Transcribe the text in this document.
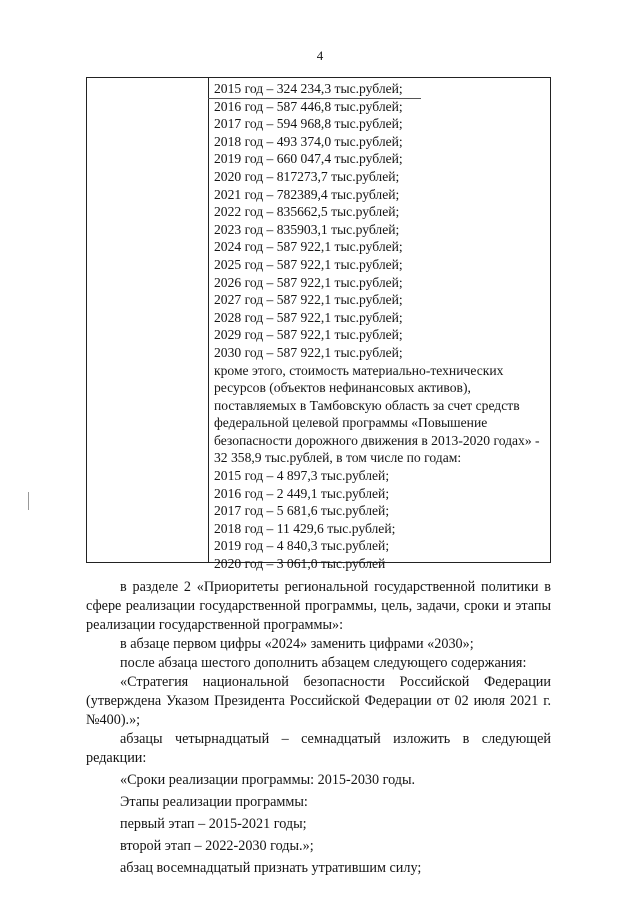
4
2015 год – 324 234,3 тыс.рублей;
2016 год – 587 446,8 тыс.рублей;
2017 год – 594 968,8 тыс.рублей;
2018 год – 493 374,0 тыс.рублей;
2019 год – 660 047,4 тыс.рублей;
2020 год – 817273,7 тыс.рублей;
2021 год – 782389,4 тыс.рублей;
2022 год – 835662,5 тыс.рублей;
2023 год – 835903,1 тыс.рублей;
2024 год – 587 922,1 тыс.рублей;
2025 год – 587 922,1 тыс.рублей;
2026 год – 587 922,1 тыс.рублей;
2027 год – 587 922,1 тыс.рублей;
2028 год – 587 922,1 тыс.рублей;
2029 год – 587 922,1 тыс.рублей;
2030 год – 587 922,1 тыс.рублей;
кроме этого, стоимость материально-технических
ресурсов (объектов нефинансовых активов),
поставляемых в Тамбовскую область за счет средств
федеральной целевой программы «Повышение
безопасности дорожного движения в 2013-2020 годах» -
32 358,9 тыс.рублей, в том числе по годам:
2015 год – 4 897,3 тыс.рублей;
2016 год – 2 449,1 тыс.рублей;
2017 год – 5 681,6 тыс.рублей;
2018 год – 11 429,6 тыс.рублей;
2019 год – 4 840,3 тыс.рублей;
2020 год – 3 061,0 тыс.рублей

в разделе 2 «Приоритеты региональной государственной политики в сфере реализации государственной программы, цель, задачи, сроки и этапы реализации государственной программы»:

в абзаце первом цифры «2024» заменить цифрами «2030»;

после абзаца шестого дополнить абзацем следующего содержания:

«Стратегия национальной безопасности Российской Федерации (утверждена Указом Президента Российской Федерации от 02 июля 2021 г. №400).»;

абзацы четырнадцатый – семнадцатый изложить в следующей редакции:

«Сроки реализации программы: 2015-2030 годы.

Этапы реализации программы:

первый этап – 2015-2021 годы;

второй этап – 2022-2030 годы.»;

абзац восемнадцатый признать утратившим силу;
